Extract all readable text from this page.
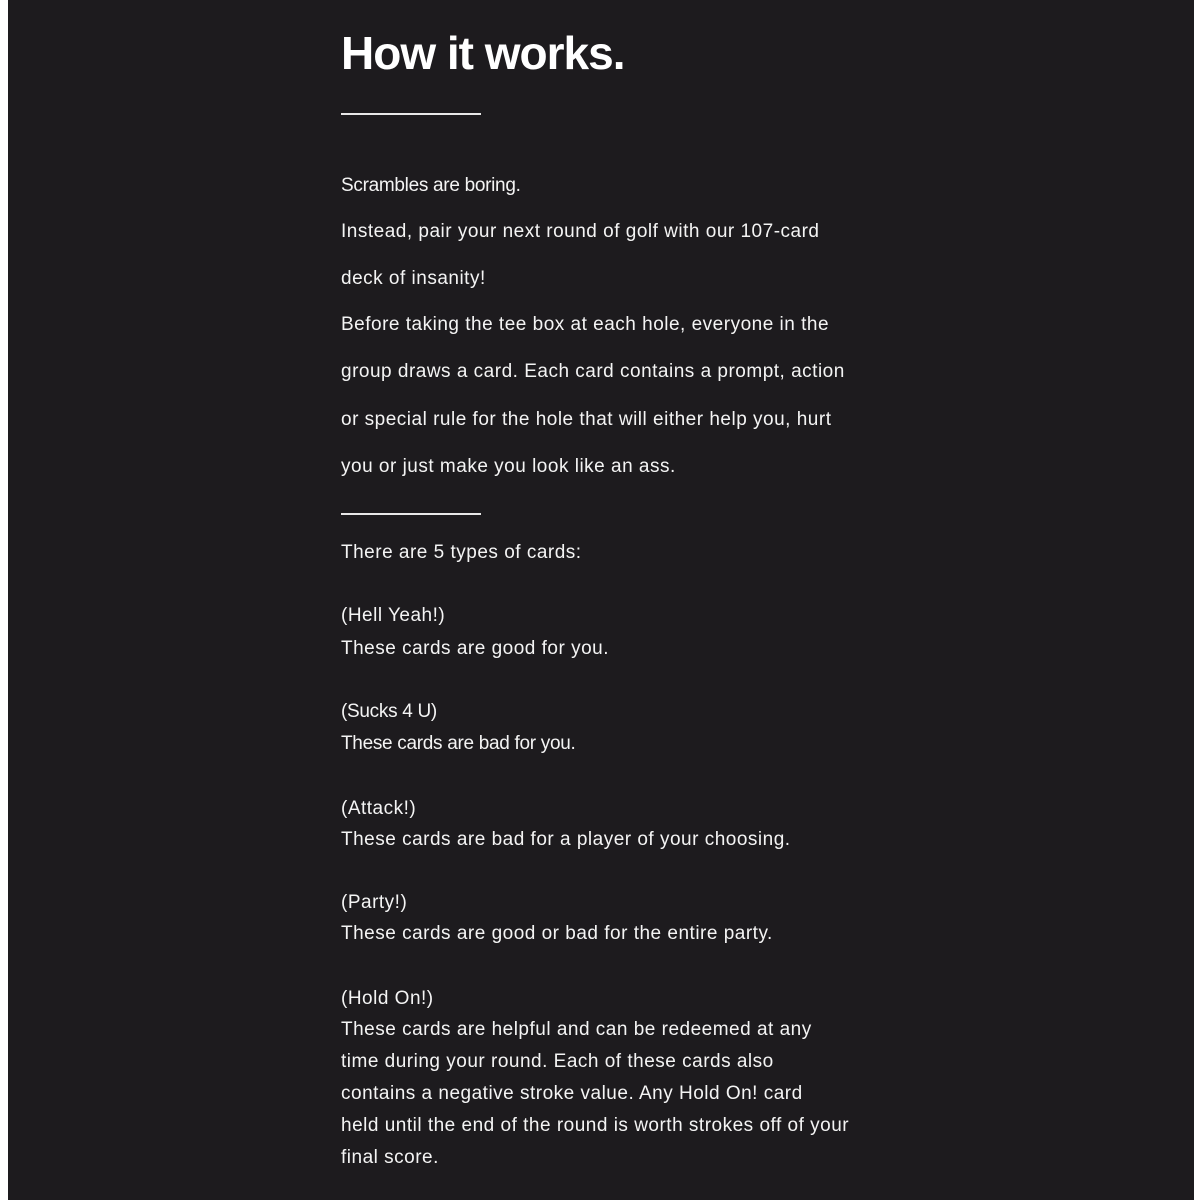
How it works.

Scrambles are boring.

Instead, pair your next round of golf with our 107-card

deck of insanity!

Before taking the tee box at each hole, everyone in the

group draws a card. Each card contains a prompt, action

or special rule for the hole that will either help you, hurt

you or just make you look like an ass.

There are 5 types of cards:

(Hell Yeah!)

These cards are good for you.

(Sucks 4 U)

These cards are bad for you.

(Attack!)

These cards are bad for a player of your choosing.

(Party!)

These cards are good or bad for the entire party.

(Hold On!)

These cards are helpful and can be redeemed at any

time during your round. Each of these cards also

contains a negative stroke value. Any Hold On! card

held until the end of the round is worth strokes off of your

final score.
